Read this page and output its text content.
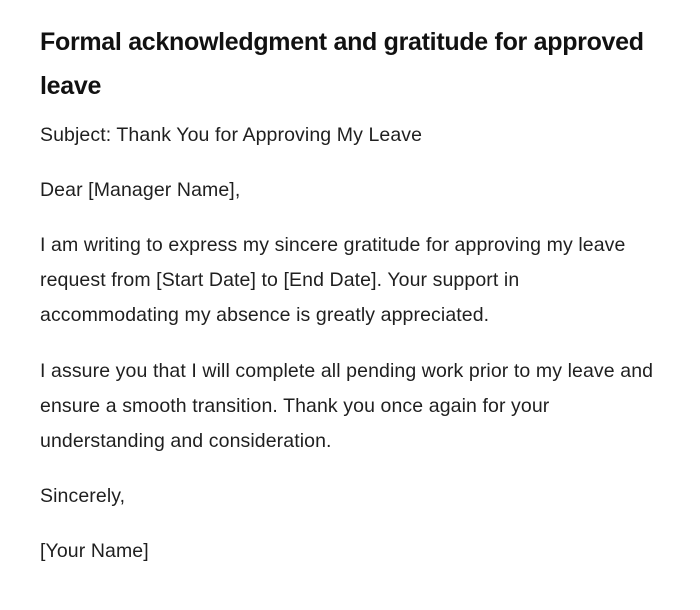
Formal acknowledgment and gratitude for approved leave

Subject: Thank You for Approving My Leave

Dear [Manager Name],

I am writing to express my sincere gratitude for approving my leave request from [Start Date] to [End Date]. Your support in accommodating my absence is greatly appreciated.

I assure you that I will complete all pending work prior to my leave and ensure a smooth transition. Thank you once again for your understanding and consideration.

Sincerely,

[Your Name]
